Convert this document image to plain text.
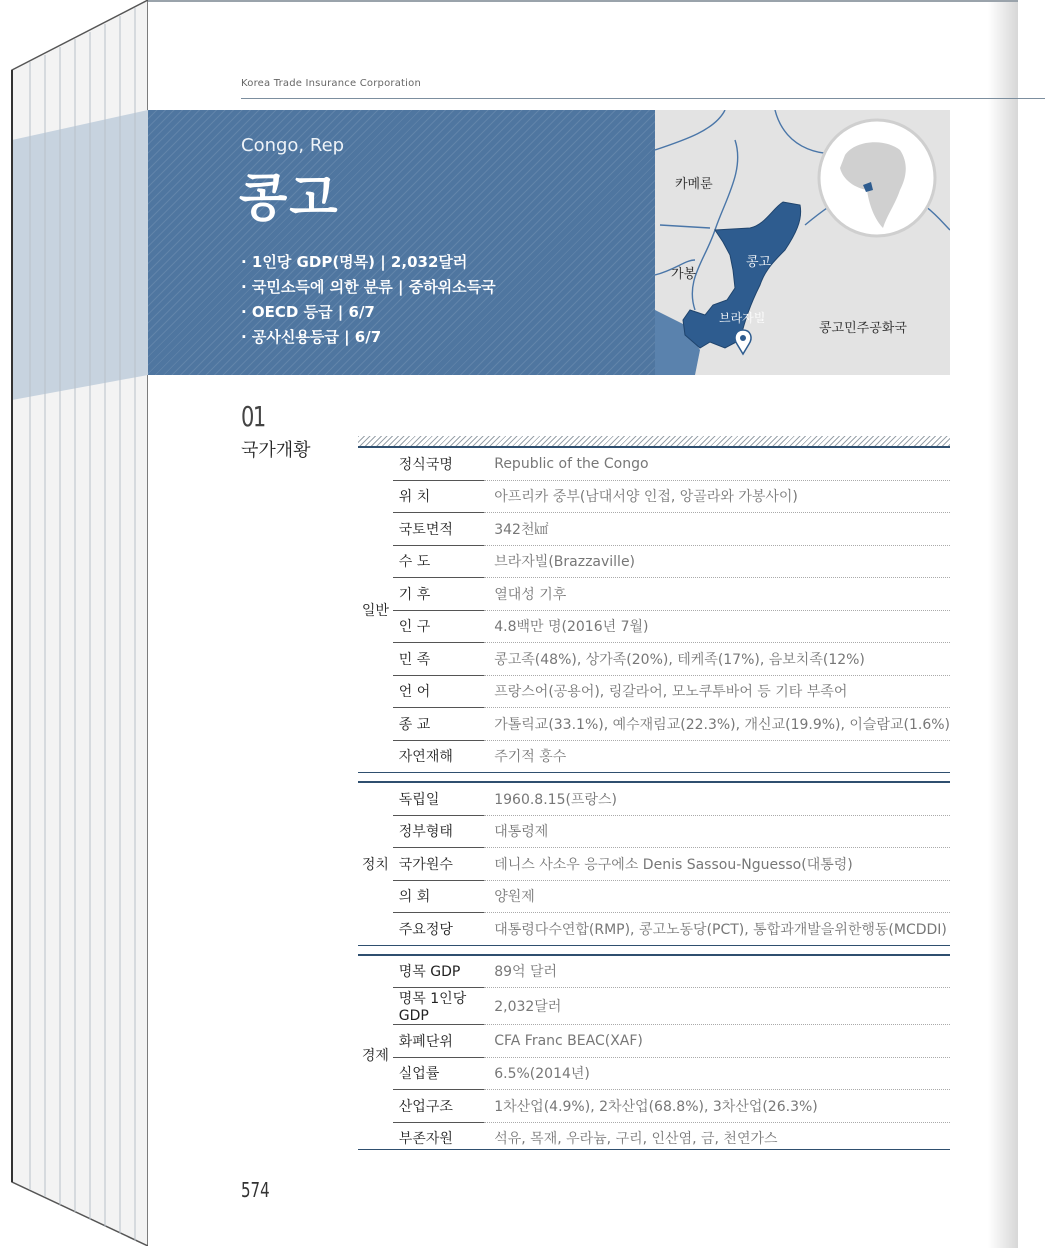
Korea Trade Insurance Corporation
Congo, Rep
콩고
· 1인당 GDP(명목) | 2,032달러
· 국민소득에 의한 분류 | 중하위소득국
· OECD 등급 | 6/7
· 공사신용등급 | 6/7
카메룬
가봉
콩고
브라자빌
콩고민주공화국
01
국가개황
일반	정식국명	Republic of the Congo
	위 치	아프리카 중부(남대서양 인접, 앙골라와 가봉사이)
	국토면적	342천㎢
	수 도	브라자빌(Brazzaville)
	기 후	열대성 기후
	인 구	4.8백만 명(2016년 7월)
	민 족	콩고족(48%), 상가족(20%), 테케족(17%), 음보치족(12%)
	언 어	프랑스어(공용어), 링갈라어, 모노쿠투바어 등 기타 부족어
	종 교	가톨릭교(33.1%), 예수재림교(22.3%), 개신교(19.9%), 이슬람교(1.6%)
	자연재해	주기적 홍수

정치	독립일	1960.8.15(프랑스)
	정부형태	대통령제
	국가원수	데니스 사소우 응구에소 Denis Sassou-Nguesso(대통령)
	의 회	양원제
	주요정당	대통령다수연합(RMP), 콩고노동당(PCT), 통합과개발을위한행동(MCDDI)

경제	명목 GDP	89억 달러
	명목 1인당 GDP	2,032달러
	화폐단위	CFA Franc BEAC(XAF)
	실업률	6.5%(2014년)
	산업구조	1차산업(4.9%), 2차산업(68.8%), 3차산업(26.3%)
	부존자원	석유, 목재, 우라늄, 구리, 인산염, 금, 천연가스
574
